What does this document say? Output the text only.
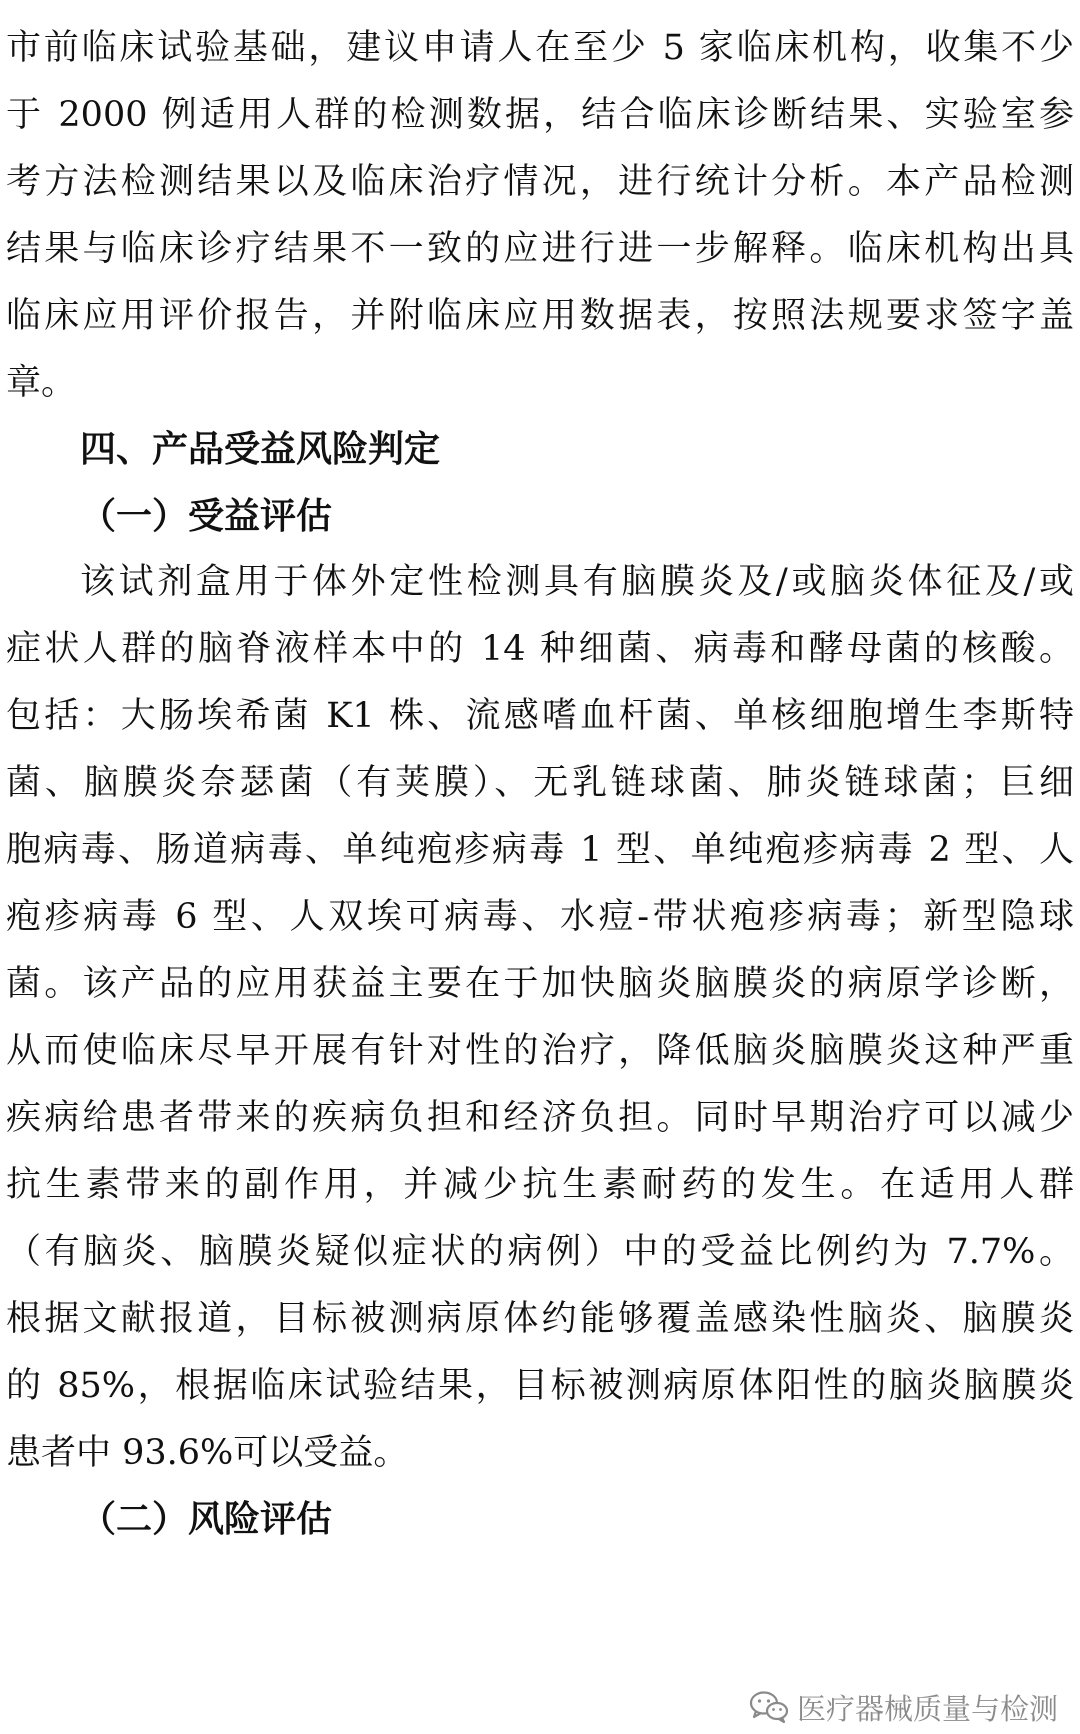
市前临床试验基础，建议申请人在至少 5 家临床机构，收集不少
于 2000 例适用人群的检测数据，结合临床诊断结果、实验室参
考方法检测结果以及临床治疗情况，进行统计分析。本产品检测
结果与临床诊疗结果不一致的应进行进一步解释。临床机构出具
临床应用评价报告，并附临床应用数据表，按照法规要求签字盖
章。
四、产品受益风险判定
（一）受益评估
该试剂盒用于体外定性检测具有脑膜炎及/或脑炎体征及/或
症状人群的脑脊液样本中的 14 种细菌、病毒和酵母菌的核酸。
包括：大肠埃希菌 K1 株、流感嗜血杆菌、单核细胞增生李斯特
菌、脑膜炎奈瑟菌（有荚膜）、无乳链球菌、肺炎链球菌；巨细
胞病毒、肠道病毒、单纯疱疹病毒 1 型、单纯疱疹病毒 2 型、人
疱疹病毒 6 型、人双埃可病毒、水痘-带状疱疹病毒；新型隐球
菌。该产品的应用获益主要在于加快脑炎脑膜炎的病原学诊断，
从而使临床尽早开展有针对性的治疗，降低脑炎脑膜炎这种严重
疾病给患者带来的疾病负担和经济负担。同时早期治疗可以减少
抗生素带来的副作用，并减少抗生素耐药的发生。在适用人群
（有脑炎、脑膜炎疑似症状的病例）中的受益比例约为 7.7%。
根据文献报道，目标被测病原体约能够覆盖感染性脑炎、脑膜炎
的 85%，根据临床试验结果，目标被测病原体阳性的脑炎脑膜炎
患者中 93.6%可以受益。
（二）风险评估
医疗器械质量与检测
